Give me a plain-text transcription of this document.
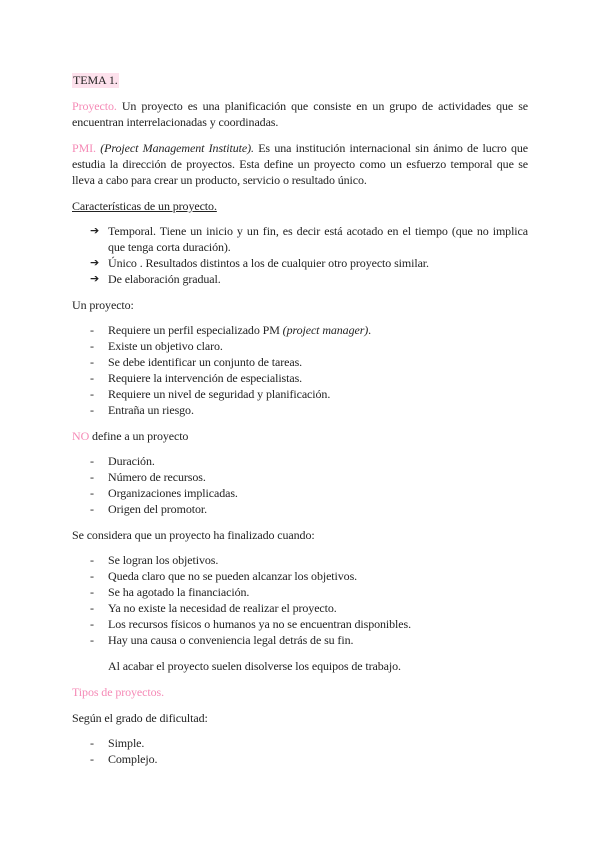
TEMA 1.

Proyecto. Un proyecto es una planificación que consiste en un grupo de actividades que se encuentran interrelacionadas y coordinadas.

PMI. (Project Management Institute). Es una institución internacional sin ánimo de lucro que estudia la dirección de proyectos. Esta define un proyecto como un esfuerzo temporal que se lleva a cabo para crear un producto, servicio o resultado único.

Características de un proyecto.

➔ Temporal. Tiene un inicio y un fin, es decir está acotado en el tiempo (que no implica que tenga corta duración).
➔ Único . Resultados distintos a los de cualquier otro proyecto similar.
➔ De elaboración gradual.

Un proyecto:

- Requiere un perfil especializado PM (project manager).
- Existe un objetivo claro.
- Se debe identificar un conjunto de tareas.
- Requiere la intervención de especialistas.
- Requiere un nivel de seguridad y planificación.
- Entraña un riesgo.

NO define a un proyecto

- Duración.
- Número de recursos.
- Organizaciones implicadas.
- Origen del promotor.

Se considera que un proyecto ha finalizado cuando:

- Se logran los objetivos.
- Queda claro que no se pueden alcanzar los objetivos.
- Se ha agotado la financiación.
- Ya no existe la necesidad de realizar el proyecto.
- Los recursos físicos o humanos ya no se encuentran disponibles.
- Hay una causa o conveniencia legal detrás de su fin.

Al acabar el proyecto suelen disolverse los equipos de trabajo.

Tipos de proyectos.

Según el grado de dificultad:

- Simple.
- Complejo.
